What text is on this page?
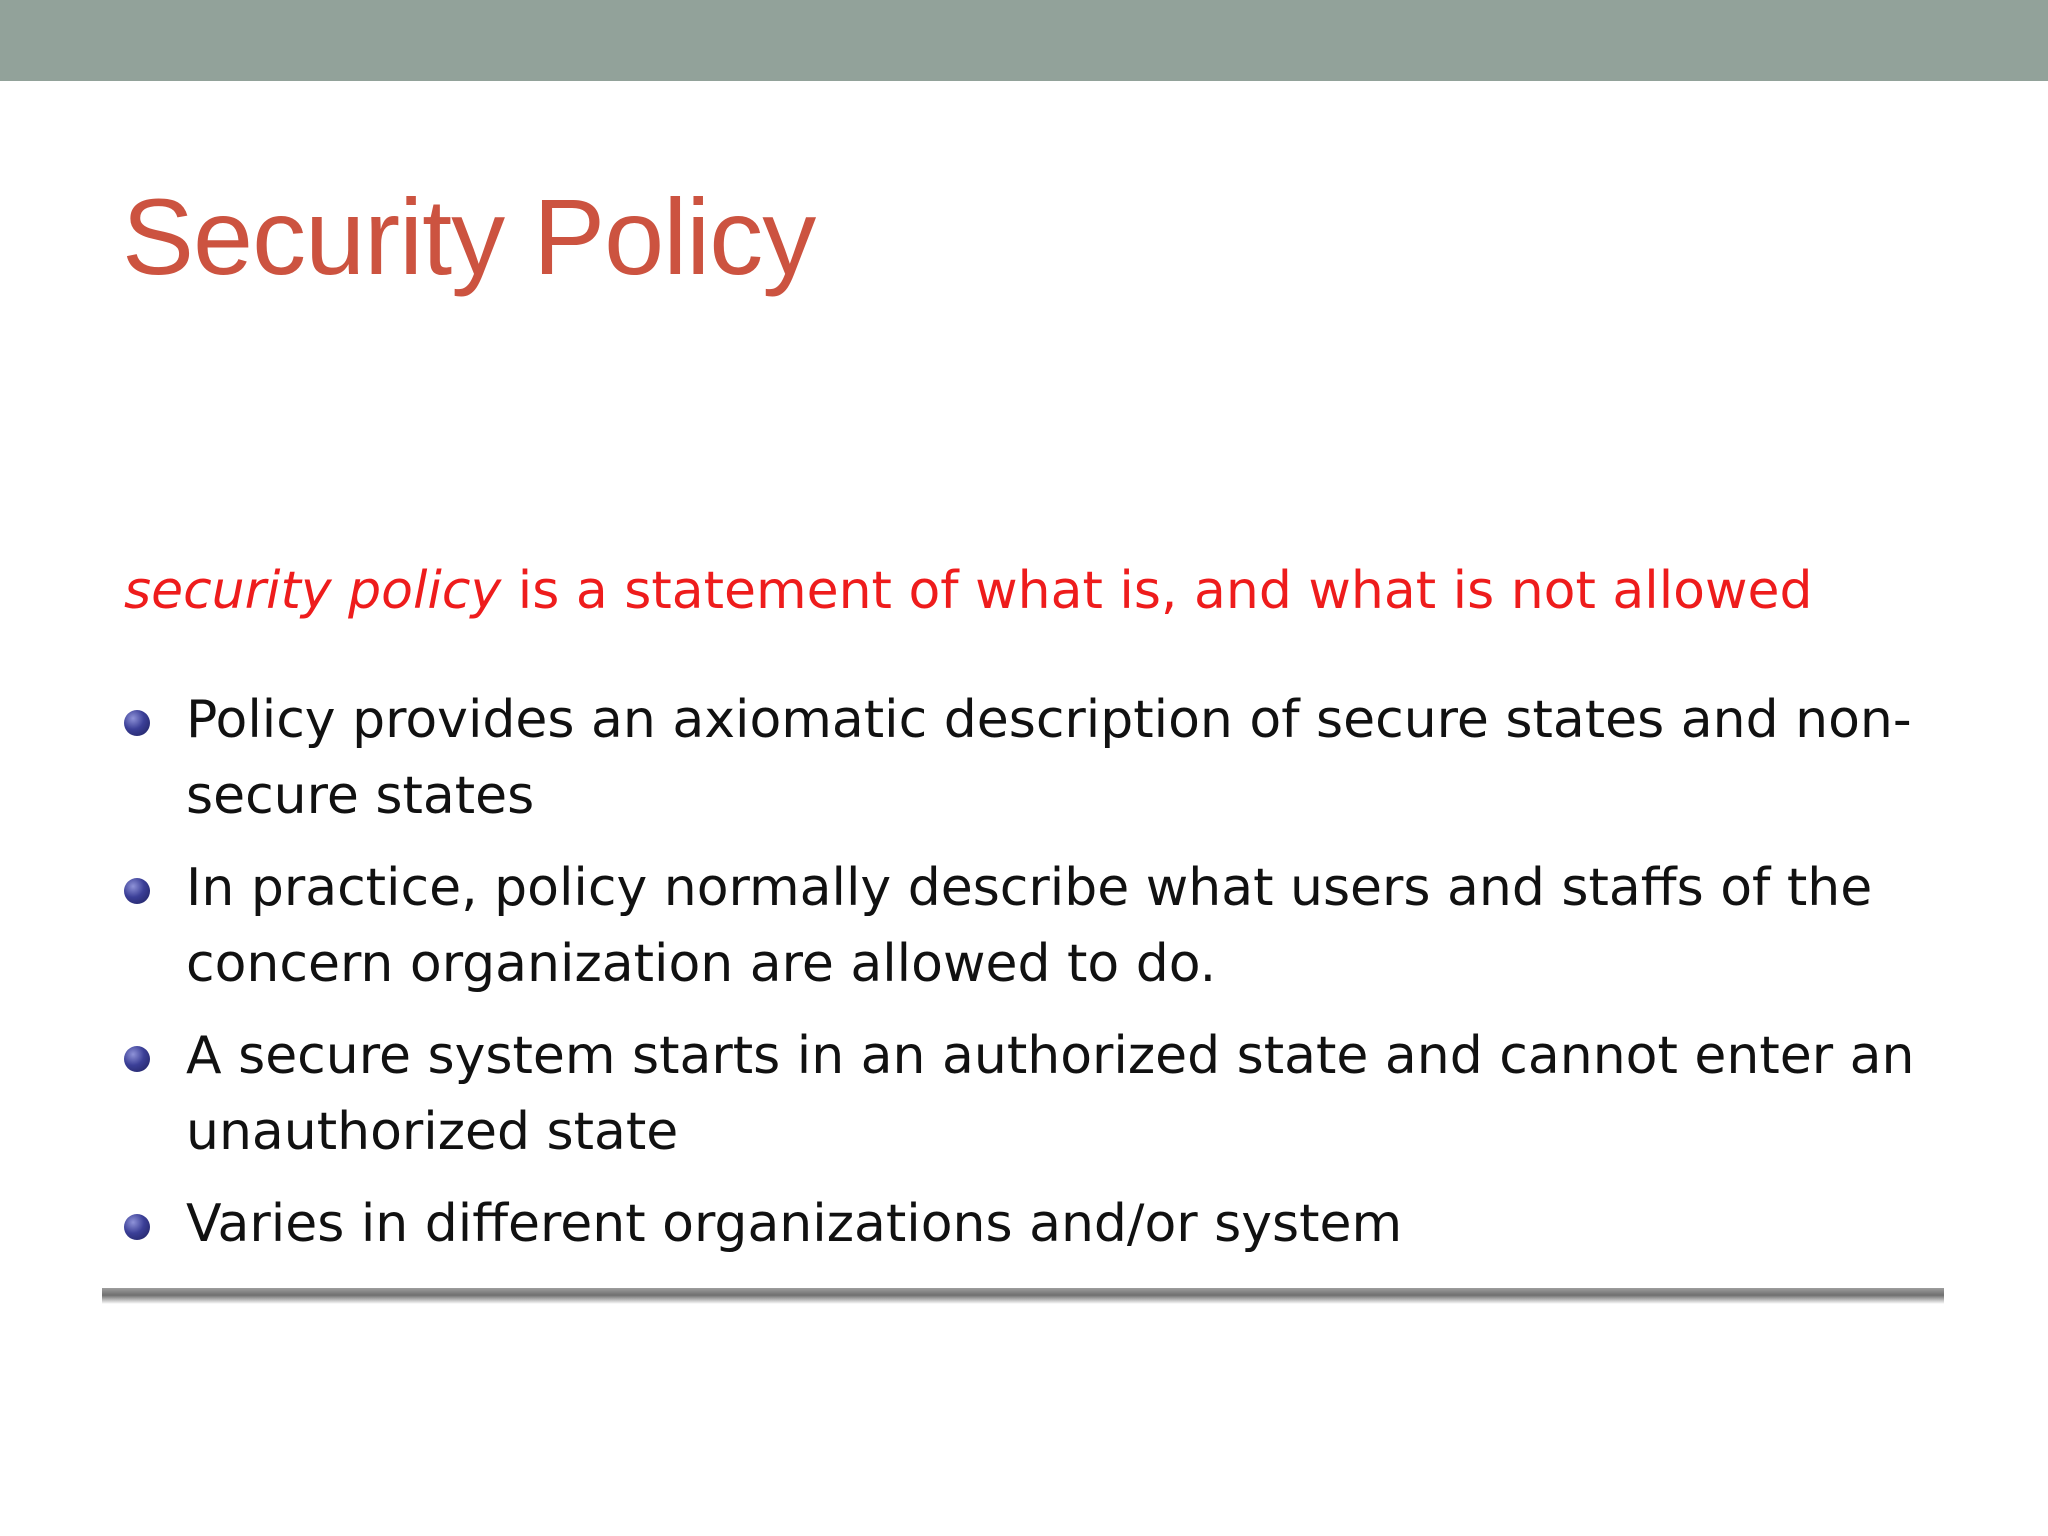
Security Policy

security policy is a statement of what is, and what is not allowed

Policy provides an axiomatic description of secure states and non-secure states
In practice, policy normally describe what users and staffs of the concern organization are allowed to do.
A secure system starts in an authorized state and cannot enter an unauthorized state
Varies in different organizations and/or system
